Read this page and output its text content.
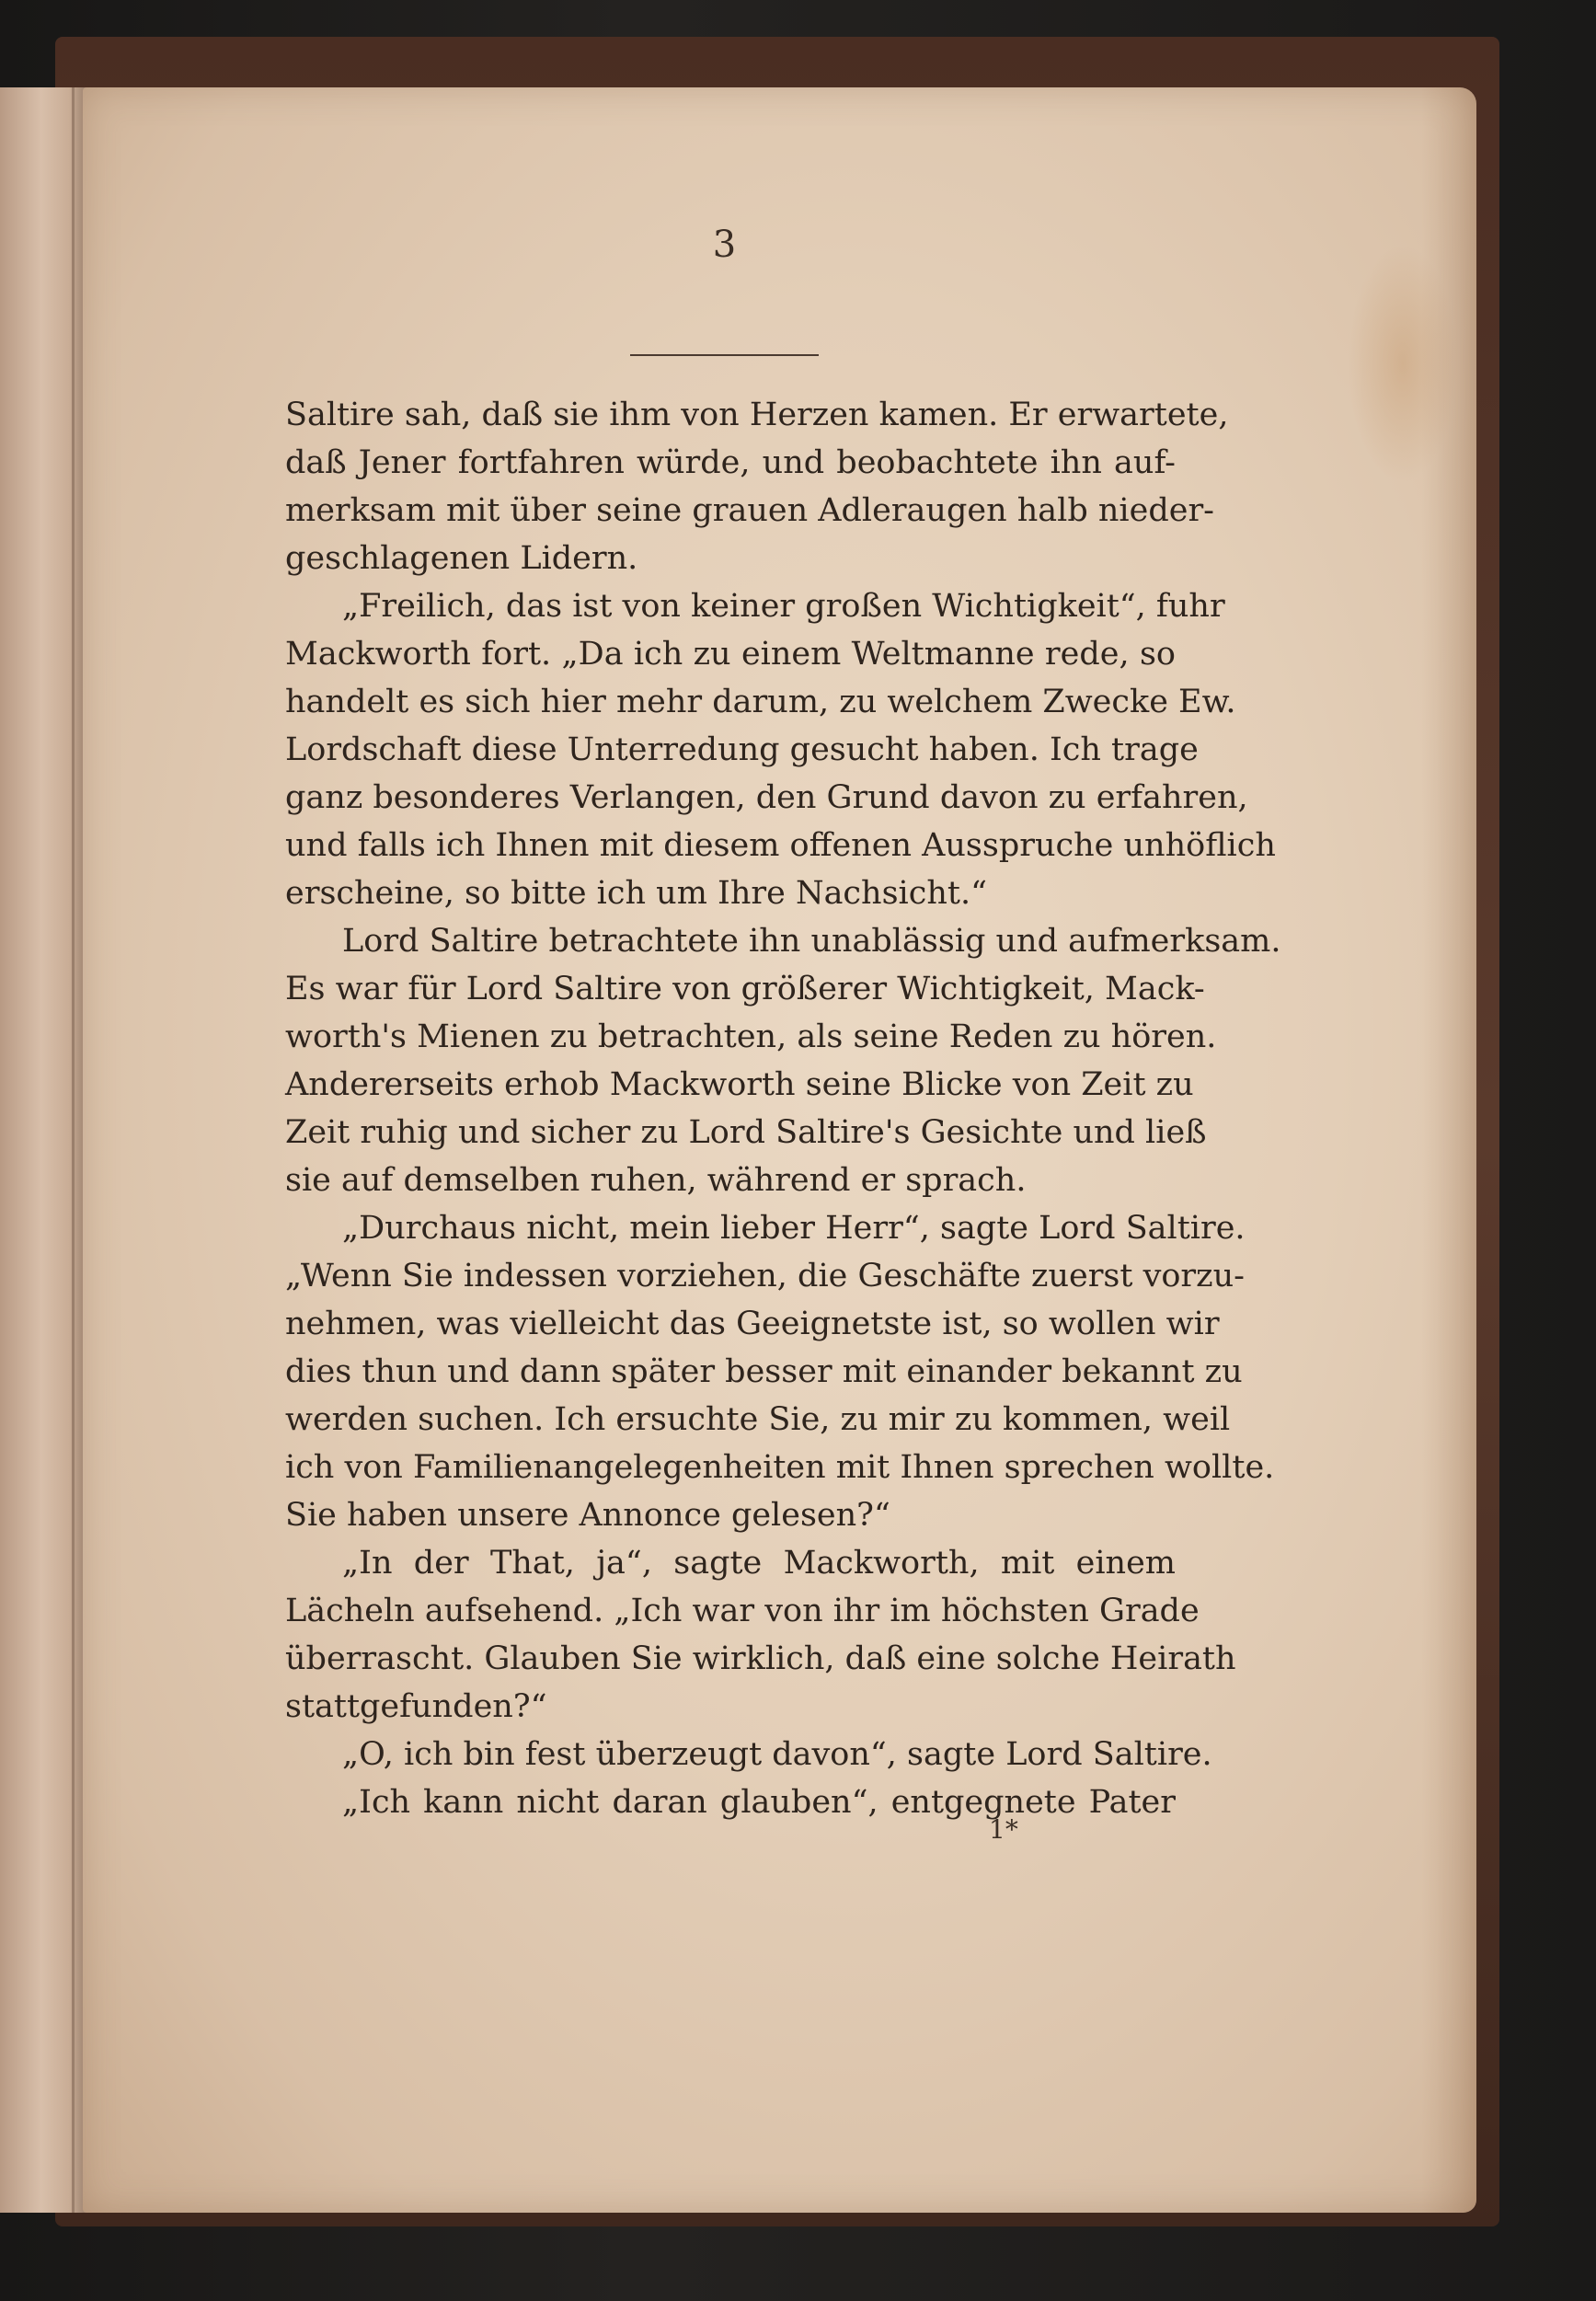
3

Saltire sah, daß sie ihm von Herzen kamen. Er erwartete,
daß Jener fortfahren würde, und beobachtete ihn auf-
merksam mit über seine grauen Adleraugen halb nieder-
geschlagenen Lidern.
„Freilich, das ist von keiner großen Wichtigkeit“, fuhr
Mackworth fort. „Da ich zu einem Weltmanne rede, so
handelt es sich hier mehr darum, zu welchem Zwecke Ew.
Lordschaft diese Unterredung gesucht haben. Ich trage
ganz besonderes Verlangen, den Grund davon zu erfahren,
und falls ich Ihnen mit diesem offenen Ausspruche unhöflich
erscheine, so bitte ich um Ihre Nachsicht.“
Lord Saltire betrachtete ihn unablässig und aufmerksam.
Es war für Lord Saltire von größerer Wichtigkeit, Mack-
worth's Mienen zu betrachten, als seine Reden zu hören.
Andererseits erhob Mackworth seine Blicke von Zeit zu
Zeit ruhig und sicher zu Lord Saltire's Gesichte und ließ
sie auf demselben ruhen, während er sprach.
„Durchaus nicht, mein lieber Herr“, sagte Lord Saltire.
„Wenn Sie indessen vorziehen, die Geschäfte zuerst vorzu-
nehmen, was vielleicht das Geeignetste ist, so wollen wir
dies thun und dann später besser mit einander bekannt zu
werden suchen. Ich ersuchte Sie, zu mir zu kommen, weil
ich von Familienangelegenheiten mit Ihnen sprechen wollte.
Sie haben unsere Annonce gelesen?“
„In der That, ja“, sagte Mackworth, mit einem
Lächeln aufsehend. „Ich war von ihr im höchsten Grade
überrascht. Glauben Sie wirklich, daß eine solche Heirath
stattgefunden?“
„O, ich bin fest überzeugt davon“, sagte Lord Saltire.
„Ich kann nicht daran glauben“, entgegnete Pater

1*
